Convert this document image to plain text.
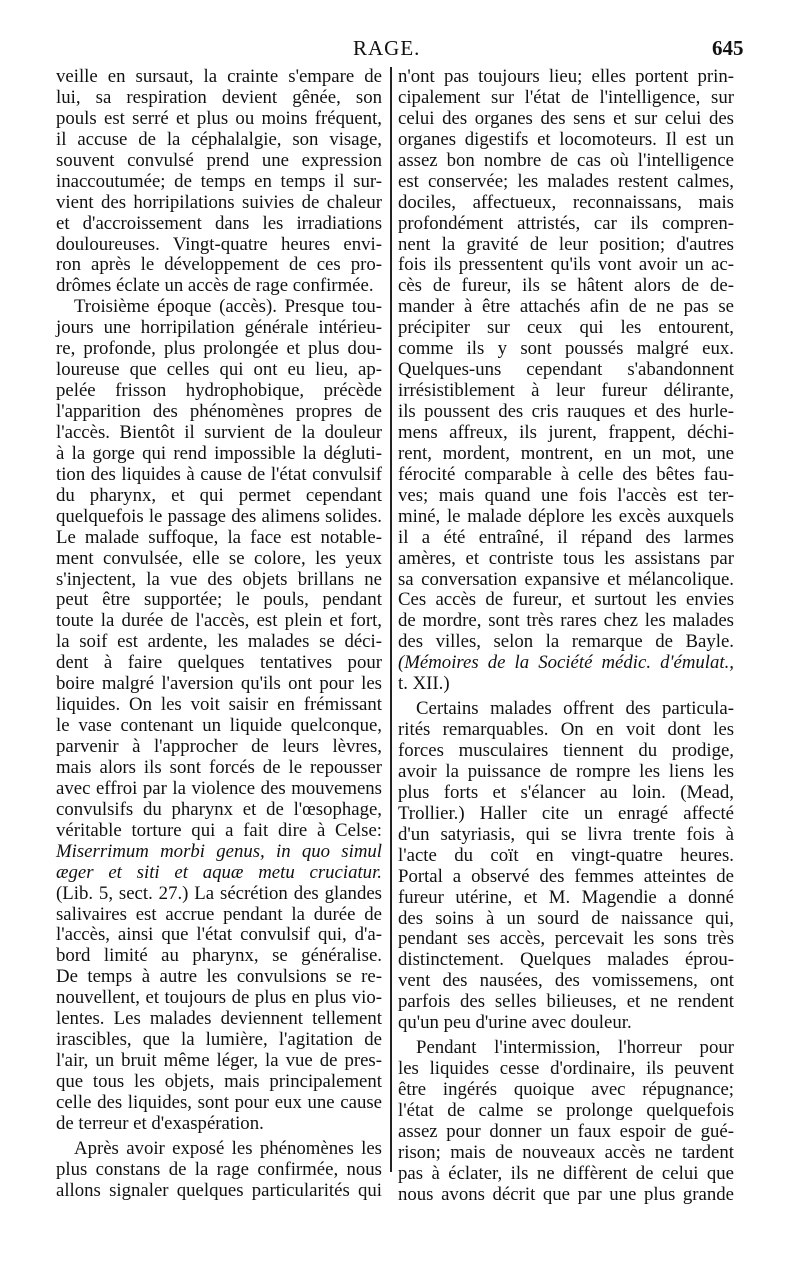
RAGE.	645
veille en sursaut, la crainte s'empare de
lui, sa respiration devient gênée, son
pouls est serré et plus ou moins fréquent,
il accuse de la céphalalgie, son visage,
souvent convulsé prend une expression
inaccoutumée; de temps en temps il sur-
vient des horripilations suivies de chaleur
et d'accroissement dans les irradiations
douloureuses. Vingt-quatre heures envi-
ron après le développement de ces pro-
drômes éclate un accès de rage confirmée.
Troisième époque (accès). Presque tou-
jours une horripilation générale intérieu-
re, profonde, plus prolongée et plus dou-
loureuse que celles qui ont eu lieu, ap-
pelée frisson hydrophobique, précède
l'apparition des phénomènes propres de
l'accès. Bientôt il survient de la douleur
à la gorge qui rend impossible la dégluti-
tion des liquides à cause de l'état convulsif
du pharynx, et qui permet cependant
quelquefois le passage des alimens solides.
Le malade suffoque, la face est notable-
ment convulsée, elle se colore, les yeux
s'injectent, la vue des objets brillans ne
peut être supportée; le pouls, pendant
toute la durée de l'accès, est plein et fort,
la soif est ardente, les malades se déci-
dent à faire quelques tentatives pour
boire malgré l'aversion qu'ils ont pour les
liquides. On les voit saisir en frémissant
le vase contenant un liquide quelconque,
parvenir à l'approcher de leurs lèvres,
mais alors ils sont forcés de le repousser
avec effroi par la violence des mouvemens
convulsifs du pharynx et de l'œsophage,
véritable torture qui a fait dire à Celse:
Miserrimum morbi genus, in quo simul
æger et siti et aquæ metu cruciatur.
(Lib. 5, sect. 27.) La sécrétion des glandes
salivaires est accrue pendant la durée de
l'accès, ainsi que l'état convulsif qui, d'a-
bord limité au pharynx, se généralise.
De temps à autre les convulsions se re-
nouvellent, et toujours de plus en plus vio-
lentes. Les malades deviennent tellement
irascibles, que la lumière, l'agitation de
l'air, un bruit même léger, la vue de pres-
que tous les objets, mais principalement
celle des liquides, sont pour eux une cause
de terreur et d'exaspération.
Après avoir exposé les phénomènes les
plus constans de la rage confirmée, nous
allons signaler quelques particularités qui
n'ont pas toujours lieu; elles portent prin-
cipalement sur l'état de l'intelligence, sur
celui des organes des sens et sur celui des
organes digestifs et locomoteurs. Il est un
assez bon nombre de cas où l'intelligence
est conservée; les malades restent calmes,
dociles, affectueux, reconnaissans, mais
profondément attristés, car ils compren-
nent la gravité de leur position; d'autres
fois ils pressentent qu'ils vont avoir un ac-
cès de fureur, ils se hâtent alors de de-
mander à être attachés afin de ne pas se
précipiter sur ceux qui les entourent,
comme ils y sont poussés malgré eux.
Quelques-uns cependant s'abandonnent
irrésistiblement à leur fureur délirante,
ils poussent des cris rauques et des hurle-
mens affreux, ils jurent, frappent, déchi-
rent, mordent, montrent, en un mot, une
férocité comparable à celle des bêtes fau-
ves; mais quand une fois l'accès est ter-
miné, le malade déplore les excès auxquels
il a été entraîné, il répand des larmes
amères, et contriste tous les assistans par
sa conversation expansive et mélancolique.
Ces accès de fureur, et surtout les envies
de mordre, sont très rares chez les malades
des villes, selon la remarque de Bayle.
(Mémoires de la Société médic. d'émulat.,
t. XII.)
Certains malades offrent des particula-
rités remarquables. On en voit dont les
forces musculaires tiennent du prodige,
avoir la puissance de rompre les liens les
plus forts et s'élancer au loin. (Mead,
Trollier.) Haller cite un enragé affecté
d'un satyriasis, qui se livra trente fois à
l'acte du coït en vingt-quatre heures.
Portal a observé des femmes atteintes de
fureur utérine, et M. Magendie a donné
des soins à un sourd de naissance qui,
pendant ses accès, percevait les sons très
distinctement. Quelques malades éprou-
vent des nausées, des vomissemens, ont
parfois des selles bilieuses, et ne rendent
qu'un peu d'urine avec douleur.
Pendant l'intermission, l'horreur pour
les liquides cesse d'ordinaire, ils peuvent
être ingérés quoique avec répugnance;
l'état de calme se prolonge quelquefois
assez pour donner un faux espoir de gué-
rison; mais de nouveaux accès ne tardent
pas à éclater, ils ne diffèrent de celui que
nous avons décrit que par une plus grande
